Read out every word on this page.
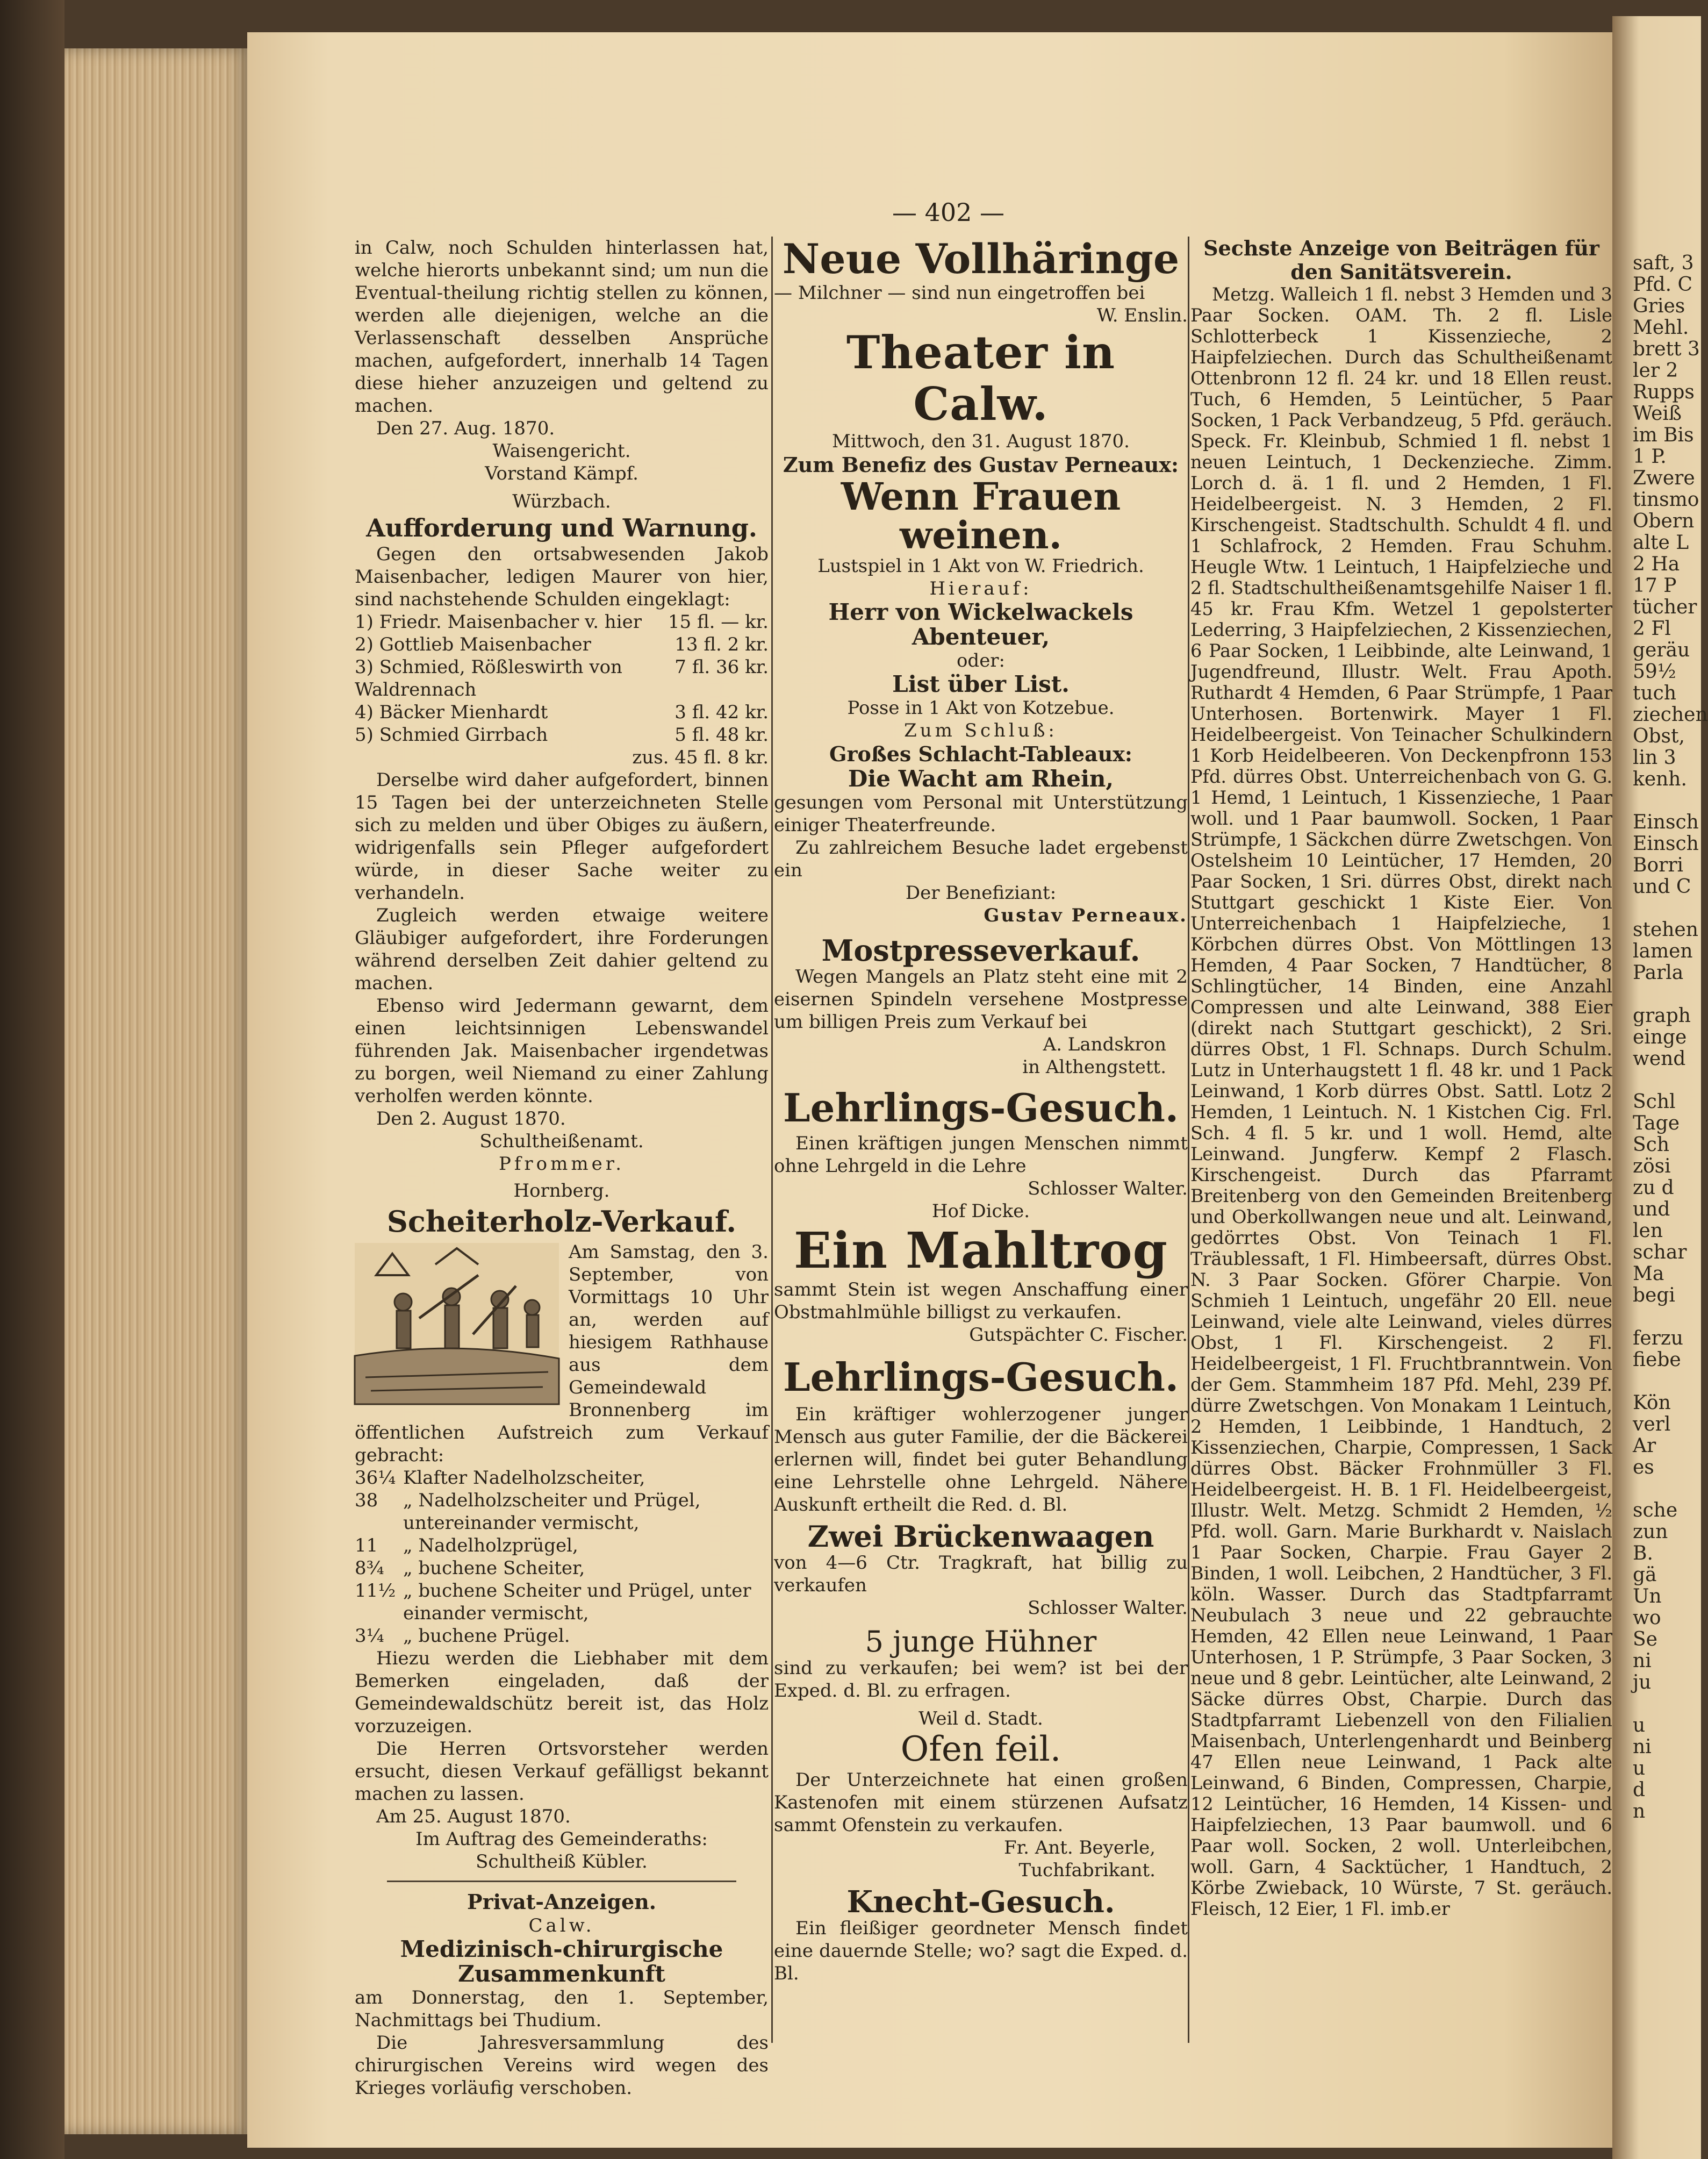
— 402 —

in Calw, noch Schulden hinterlassen hat, welche hierorts unbekannt sind; um nun die Eventual-theilung richtig stellen zu können, werden alle diejenigen, welche an die Verlassenschaft desselben Ansprüche machen, aufgefordert, innerhalb 14 Tagen diese hieher anzuzeigen und geltend zu machen.

Den 27. Aug. 1870.

Waisengericht.

Vorstand Kämpf.

Würzbach.

Aufforderung und Warnung.

Gegen den ortsabwesenden Jakob Maisenbacher, ledigen Maurer von hier, sind nachstehende Schulden eingeklagt:

1) Friedr. Maisenbacher v. hier	15 fl. — kr.
2) Gottlieb Maisenbacher	13 fl. 2 kr.
3) Schmied, Rößleswirth von Waldrennach	7 fl. 36 kr.
4) Bäcker Mienhardt	3 fl. 42 kr.
5) Schmied Girrbach	5 fl. 48 kr.

zus. 45 fl. 8 kr.

Derselbe wird daher aufgefordert, binnen 15 Tagen bei der unterzeichneten Stelle sich zu melden und über Obiges zu äußern, widrigenfalls sein Pfleger aufgefordert würde, in dieser Sache weiter zu verhandeln.

Zugleich werden etwaige weitere Gläubiger aufgefordert, ihre Forderungen während derselben Zeit dahier geltend zu machen.

Ebenso wird Jedermann gewarnt, dem einen leichtsinnigen Lebenswandel führenden Jak. Maisenbacher irgendetwas zu borgen, weil Niemand zu einer Zahlung verholfen werden könnte.

Den 2. August 1870.

Schultheißenamt.

Pfrommer.

Hornberg.

Scheiterholz-Verkauf.

Am Samstag, den 3. September, von Vormittags 10 Uhr an, werden auf hiesigem Rathhause aus dem Gemeindewald Bronnenberg im öffentlichen Aufstreich zum Verkauf gebracht:

36¼	Klafter Nadelholzscheiter,
38	„ Nadelholzscheiter und Prügel, untereinander vermischt,
11	„ Nadelholzprügel,
8¾	„ buchene Scheiter,
11½	„ buchene Scheiter und Prügel, unter einander vermischt,
3¼	„ buchene Prügel.

Hiezu werden die Liebhaber mit dem Bemerken eingeladen, daß der Gemeindewaldschütz bereit ist, das Holz vorzuzeigen.

Die Herren Ortsvorsteher werden ersucht, diesen Verkauf gefälligst bekannt machen zu lassen.

Am 25. August 1870.

Im Auftrag des Gemeinderaths:

Schultheiß Kübler.

Privat-Anzeigen.

Calw.

Medizinisch-chirurgische Zusammenkunft

am Donnerstag, den 1. September, Nachmittags bei Thudium.

Die Jahresversammlung des chirurgischen Vereins wird wegen des Krieges vorläufig verschoben.

Neue Vollhäringe

— Milchner — sind nun eingetroffen bei

W. Enslin.

Theater in Calw.

Mittwoch, den 31. August 1870.

Zum Benefiz des Gustav Perneaux:

Wenn Frauen weinen.

Lustspiel in 1 Akt von W. Friedrich.

Hierauf:

Herr von Wickelwackels Abenteuer,

oder:

List über List.

Posse in 1 Akt von Kotzebue.

Zum Schluß:

Großes Schlacht-Tableaux:

Die Wacht am Rhein,

gesungen vom Personal mit Unterstützung einiger Theaterfreunde.

Zu zahlreichem Besuche ladet ergebenst ein

Der Benefiziant:

Gustav Perneaux.

Mostpresseverkauf.

Wegen Mangels an Platz steht eine mit 2 eisernen Spindeln versehene Mostpresse um billigen Preis zum Verkauf bei

A. Landskron

in Althengstett.

Lehrlings-Gesuch.

Einen kräftigen jungen Menschen nimmt ohne Lehrgeld in die Lehre

Schlosser Walter.

Hof Dicke.

Ein Mahltrog

sammt Stein ist wegen Anschaffung einer Obstmahlmühle billigst zu verkaufen.

Gutspächter C. Fischer.

Lehrlings-Gesuch.

Ein kräftiger wohlerzogener junger Mensch aus guter Familie, der die Bäckerei erlernen will, findet bei guter Behandlung eine Lehrstelle ohne Lehrgeld. Nähere Auskunft ertheilt die Red. d. Bl.

Zwei Brückenwaagen

von 4—6 Ctr. Tragkraft, hat billig zu verkaufen

Schlosser Walter.

5 junge Hühner

sind zu verkaufen; bei wem? ist bei der Exped. d. Bl. zu erfragen.

Weil d. Stadt.

Ofen feil.

Der Unterzeichnete hat einen großen Kastenofen mit einem stürzenen Aufsatz sammt Ofenstein zu verkaufen.

Fr. Ant. Beyerle,

Tuchfabrikant.

Knecht-Gesuch.

Ein fleißiger geordneter Mensch findet eine dauernde Stelle; wo? sagt die Exped. d. Bl.

Sechste Anzeige von Beiträgen für den Sanitätsverein.

Metzg. Walleich 1 fl. nebst 3 Hemden und 3 Paar Socken. OAM. Th. 2 fl. Lisle Schlotterbeck 1 Kissenzieche, 2 Haipfelziechen. Durch das Schultheißenamt Ottenbronn 12 fl. 24 kr. und 18 Ellen reust. Tuch, 6 Hemden, 5 Leintücher, 5 Paar Socken, 1 Pack Verbandzeug, 5 Pfd. geräuch. Speck. Fr. Kleinbub, Schmied 1 fl. nebst 1 neuen Leintuch, 1 Deckenzieche. Zimm. Lorch d. ä. 1 fl. und 2 Hemden, 1 Fl. Heidelbeergeist. N. 3 Hemden, 2 Fl. Kirschengeist. Stadtschulth. Schuldt 4 fl. und 1 Schlafrock, 2 Hemden. Frau Schuhm. Heugle Wtw. 1 Leintuch, 1 Haipfelzieche und 2 fl. Stadtschultheißenamtsgehilfe Naiser 1 fl. 45 kr. Frau Kfm. Wetzel 1 gepolsterter Lederring, 3 Haipfelziechen, 2 Kissenziechen, 6 Paar Socken, 1 Leibbinde, alte Leinwand, 1 Jugendfreund, Illustr. Welt. Frau Apoth. Ruthardt 4 Hemden, 6 Paar Strümpfe, 1 Paar Unterhosen. Bortenwirk. Mayer 1 Fl. Heidelbeergeist. Von Teinacher Schulkindern 1 Korb Heidelbeeren. Von Deckenpfronn 153 Pfd. dürres Obst. Unterreichenbach von G. G. 1 Hemd, 1 Leintuch, 1 Kissenzieche, 1 Paar woll. und 1 Paar baumwoll. Socken, 1 Paar Strümpfe, 1 Säckchen dürre Zwetschgen. Von Ostelsheim 10 Leintücher, 17 Hemden, 20 Paar Socken, 1 Sri. dürres Obst, direkt nach Stuttgart geschickt 1 Kiste Eier. Von Unterreichenbach 1 Haipfelzieche, 1 Körbchen dürres Obst. Von Möttlingen 13 Hemden, 4 Paar Socken, 7 Handtücher, 8 Schlingtücher, 14 Binden, eine Anzahl Compressen und alte Leinwand, 388 Eier (direkt nach Stuttgart geschickt), 2 Sri. dürres Obst, 1 Fl. Schnaps. Durch Schulm. Lutz in Unterhaugstett 1 fl. 48 kr. und 1 Pack Leinwand, 1 Korb dürres Obst. Sattl. Lotz 2 Hemden, 1 Leintuch. N. 1 Kistchen Cig. Frl. Sch. 4 fl. 5 kr. und 1 woll. Hemd, alte Leinwand. Jungferw. Kempf 2 Flasch. Kirschengeist. Durch das Pfarramt Breitenberg von den Gemeinden Breitenberg und Oberkollwangen neue und alt. Leinwand, gedörrtes Obst. Von Teinach 1 Fl. Träublessaft, 1 Fl. Himbeersaft, dürres Obst. N. 3 Paar Socken. Gförer Charpie. Von Schmieh 1 Leintuch, ungefähr 20 Ell. neue Leinwand, viele alte Leinwand, vieles dürres Obst, 1 Fl. Kirschengeist. 2 Fl. Heidelbeergeist, 1 Fl. Fruchtbranntwein. Von der Gem. Stammheim 187 Pfd. Mehl, 239 Pf. dürre Zwetschgen. Von Monakam 1 Leintuch, 2 Hemden, 1 Leibbinde, 1 Handtuch, 2 Kissenziechen, Charpie, Compressen, 1 Sack dürres Obst. Bäcker Frohnmüller 3 Fl. Heidelbeergeist. H. B. 1 Fl. Heidelbeergeist, Illustr. Welt. Metzg. Schmidt 2 Hemden, ½ Pfd. woll. Garn. Marie Burkhardt v. Naislach 1 Paar Socken, Charpie. Frau Gayer 2 Binden, 1 woll. Leibchen, 2 Handtücher, 3 Fl. köln. Wasser. Durch das Stadtpfarramt Neubulach 3 neue und 22 gebrauchte Hemden, 42 Ellen neue Leinwand, 1 Paar Unterhosen, 1 P. Strümpfe, 3 Paar Socken, 3 neue und 8 gebr. Leintücher, alte Leinwand, 2 Säcke dürres Obst, Charpie. Durch das Stadtpfarramt Liebenzell von den Filialien Maisenbach, Unterlengenhardt und Beinberg 47 Ellen neue Leinwand, 1 Pack alte Leinwand, 6 Binden, Compressen, Charpie, 12 Leintücher, 16 Hemden, 14 Kissen- und Haipfelziechen, 13 Paar baumwoll. und 6 Paar woll. Socken, 2 woll. Unterleibchen, woll. Garn, 4 Sacktücher, 1 Handtuch, 2 Körbe Zwieback, 10 Würste, 7 St. geräuch. Fleisch, 12 Eier, 1 Fl. imb.er

saft, 3
Pfd. C
Gries
Mehl.
brett 3
ler 2
Rupps
Weiß
im Bis
1 P.
Zwere
tinsmo
Obern
alte L
2 Ha
17 P
tücher
2 Fl
geräu
59½
tuch
ziechen
Obst,
lin 3
kenh.
Einsch
Einsch
Borri
und C
stehen
lamen
Parla
graph
einge
wend
Schl
Tage
Sch
zösi
zu d
und
len
schar
Ma
begi
ferzu
fiebe
Kön
verl
Ar
es
sche
zun
B.
gä
Un
wo
Se
ni
ju
u
ni
u
d
n
